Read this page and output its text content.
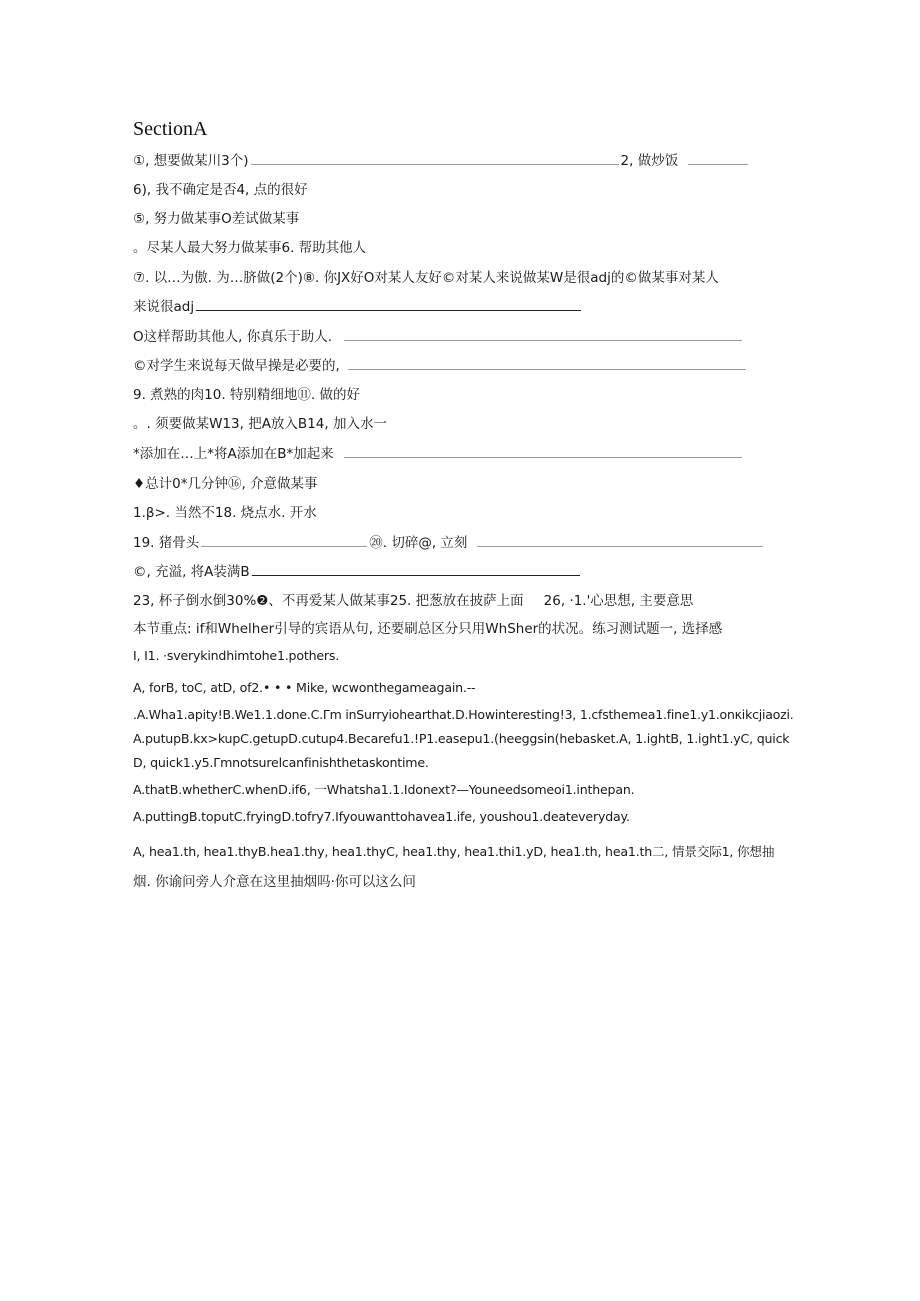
SectionA
①, 想要做某川3个)	2, 做炒饭
6), 我不确定是否4, 点的很好
⑤, 努力做某事O差试做某事
。尽某人最大努力做某事6. 帮助其他人
⑦. 以…为傲. 为…脐做(2个)⑧. 你JX好O对某人友好©对某人来说做某W是很adj的©做某事对某人
来说很adj
O这样帮助其他人, 你真乐于助人.
©对学生来说每天做早操是必要的,
9. 煮熟的肉10. 特别精细地⑪. 做的好
。. 须要做某W13, 把A放入B14, 加入水一
*添加在…上*将A添加在B*加起来
♦总计0*几分钟⑯, 介意做某事
1.β>. 当然不18. 烧点水. 开水
19. 猪骨头	⑳. 切碎@, 立刻
©, 充溢, 将A装满B
23, 杯子倒水倒30%❷、不再爱某人做某事25. 把葱放在披萨上面 26, ·1.'心思想, 主要意思
本节重点: if和Whelher引导的宾语从句, 还要刷总区分只用WhSher的状况。练习测试题一, 选择感
I, I1. ·sverykindhimtohe1.pothers.
A, forB, toC, atD, of2.• • • Mike, wcwonthegameagain.--
.A.Wha1.apity!B.We1.1.done.C.Γm inSurryiohearthat.D.Howinteresting!3, 1.cfsthemea1.fine1.y1.onκikcjiaozi.
A.putupB.kx>kupC.getupD.cutup4.Becarefu1.!P1.easepu1.(heeggsin(hebasket.A, 1.ightB, 1.ight1.yC, quick
D, quick1.y5.Γmnotsurelcanfinishthetaskontime.
A.thatB.whetherC.whenD.if6, 一Whatsha1.1.Idonext?—Youneedsomeoi1.inthepan.
A.puttingB.toputC.fryingD.tofry7.Ifyouwanttohavea1.ife, youshou1.deateveryday.
A, hea1.th, hea1.thyB.hea1.thy, hea1.thyC, hea1.thy, hea1.thi1.yD, hea1.th, hea1.th二, 情景交际1, 你想抽
烟. 你谕问旁人介意在这里抽烟吗·你可以这么问
